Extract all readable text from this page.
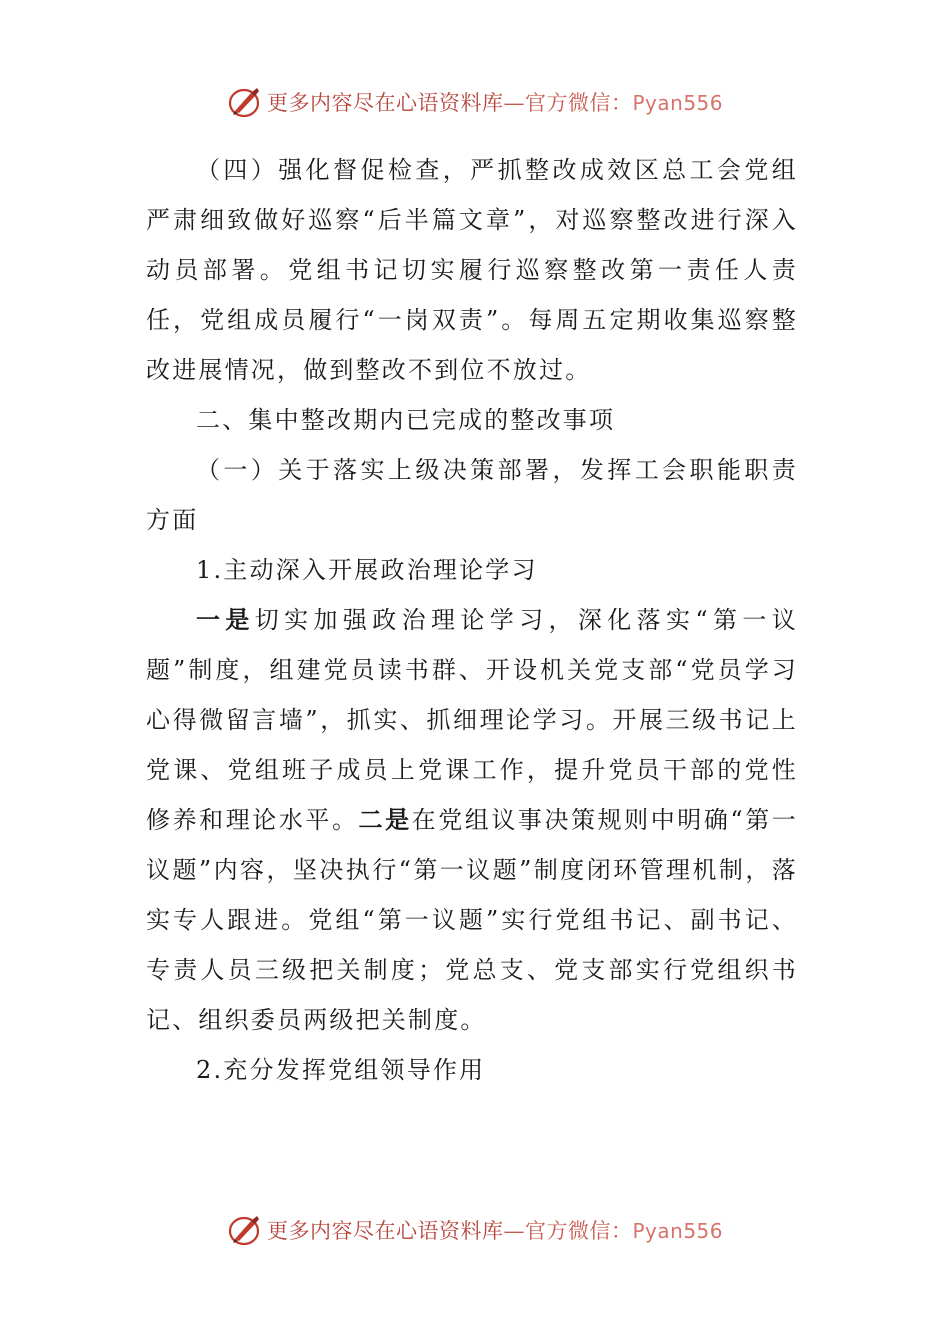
更多内容尽在心语资料库—官方微信：Pyan556

（四）强化督促检查，严抓整改成效区总工会党组严肃细致做好巡察“后半篇文章”，对巡察整改进行深入动员部署。党组书记切实履行巡察整改第一责任人责任，党组成员履行“一岗双责”。每周五定期收集巡察整改进展情况，做到整改不到位不放过。

二、集中整改期内已完成的整改事项

（一）关于落实上级决策部署，发挥工会职能职责方面

1.主动深入开展政治理论学习

一是切实加强政治理论学习，深化落实“第一议题”制度，组建党员读书群、开设机关党支部“党员学习心得微留言墙”，抓实、抓细理论学习。开展三级书记上党课、党组班子成员上党课工作，提升党员干部的党性修养和理论水平。二是在党组议事决策规则中明确“第一议题”内容，坚决执行“第一议题”制度闭环管理机制，落实专人跟进。党组“第一议题”实行党组书记、副书记、专责人员三级把关制度；党总支、党支部实行党组织书记、组织委员两级把关制度。

2.充分发挥党组领导作用

更多内容尽在心语资料库—官方微信：Pyan556
